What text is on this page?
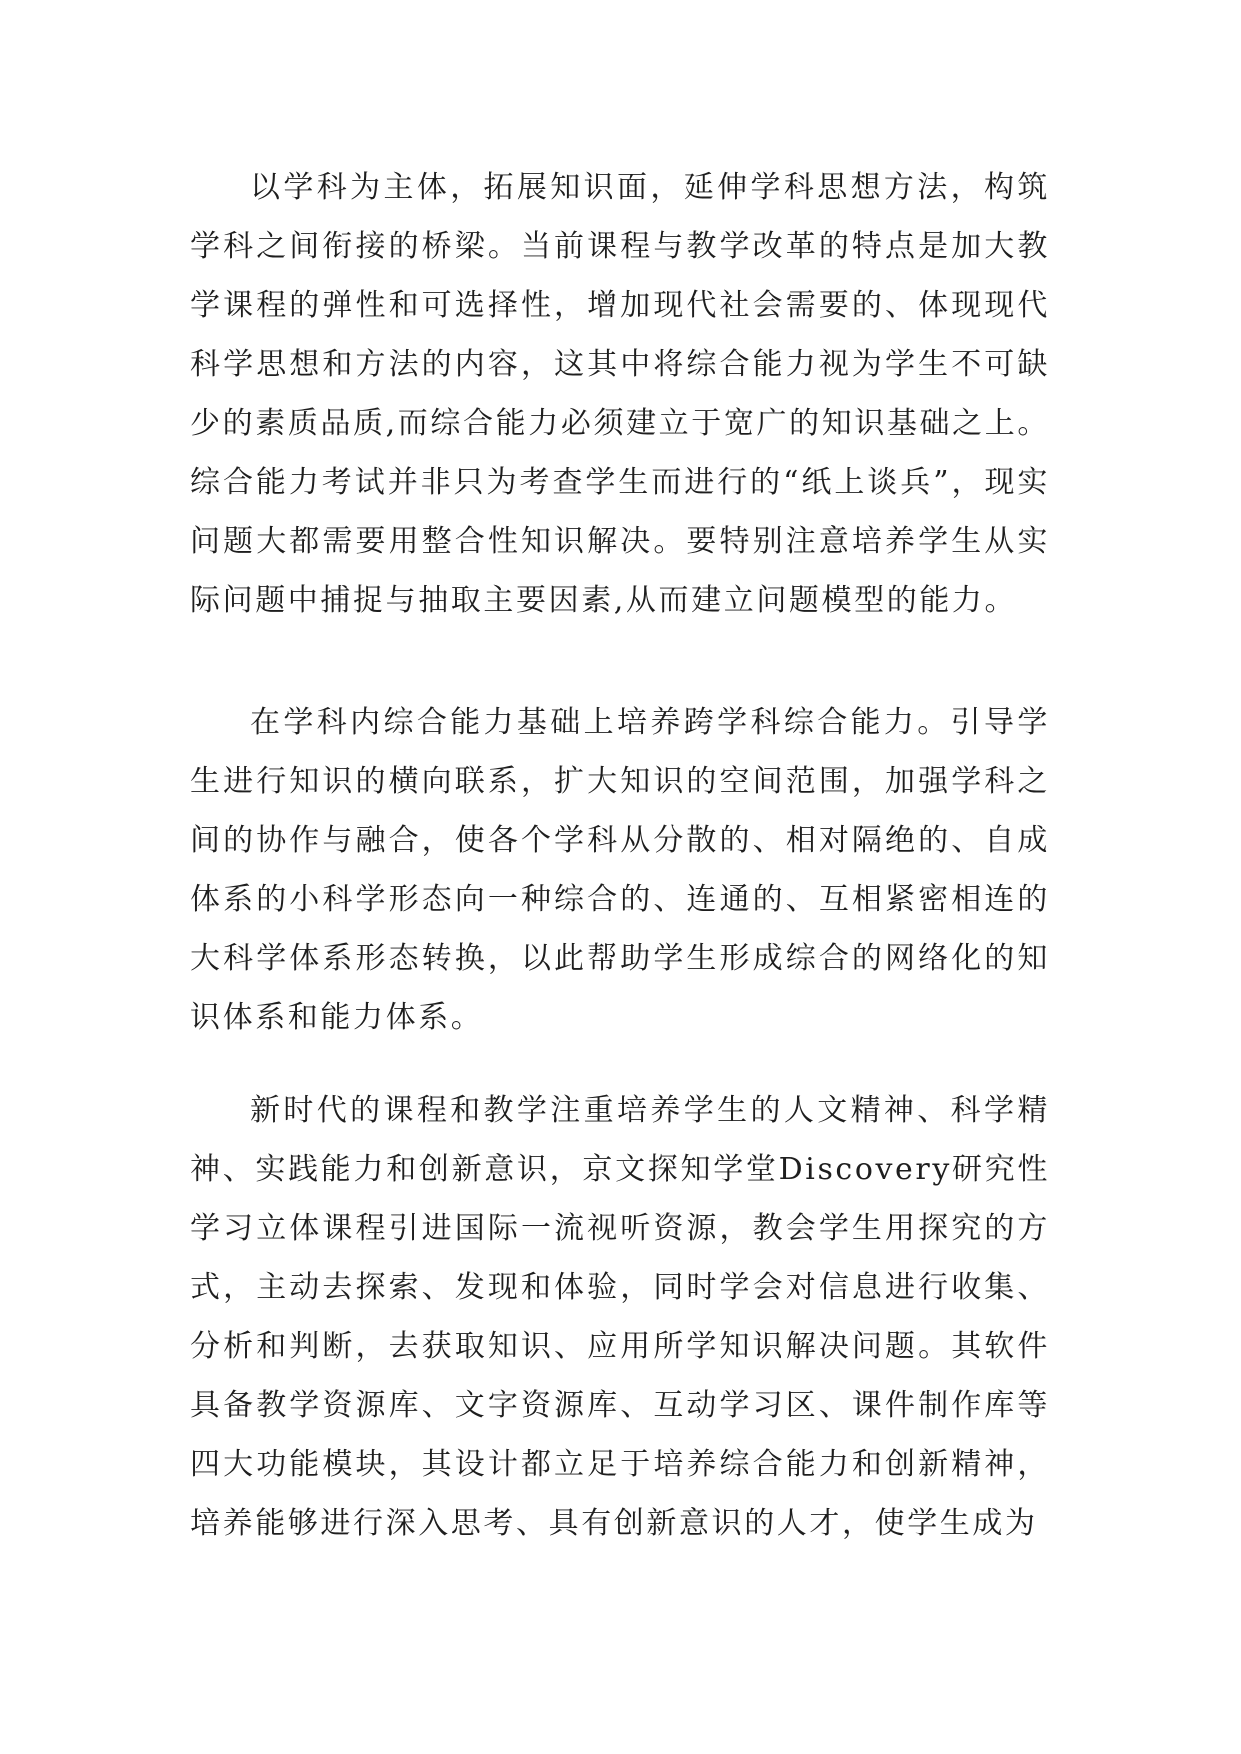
以学科为主体，拓展知识面，延伸学科思想方法，构筑学科之间衔接的桥梁。当前课程与教学改革的特点是加大教学课程的弹性和可选择性，增加现代社会需要的、体现现代科学思想和方法的内容，这其中将综合能力视为学生不可缺少的素质品质,而综合能力必须建立于宽广的知识基础之上。综合能力考试并非只为考查学生而进行的“纸上谈兵”，现实问题大都需要用整合性知识解决。要特别注意培养学生从实际问题中捕捉与抽取主要因素,从而建立问题模型的能力。

在学科内综合能力基础上培养跨学科综合能力。引导学生进行知识的横向联系，扩大知识的空间范围，加强学科之间的协作与融合，使各个学科从分散的、相对隔绝的、自成体系的小科学形态向一种综合的、连通的、互相紧密相连的大科学体系形态转换，以此帮助学生形成综合的网络化的知识体系和能力体系。

新时代的课程和教学注重培养学生的人文精神、科学精神、实践能力和创新意识，京文探知学堂Discovery研究性学习立体课程引进国际一流视听资源，教会学生用探究的方式，主动去探索、发现和体验，同时学会对信息进行收集、分析和判断，去获取知识、应用所学知识解决问题。其软件具备教学资源库、文字资源库、互动学习区、课件制作库等四大功能模块，其设计都立足于培养综合能力和创新精神，培养能够进行深入思考、具有创新意识的人才，使学生成为
